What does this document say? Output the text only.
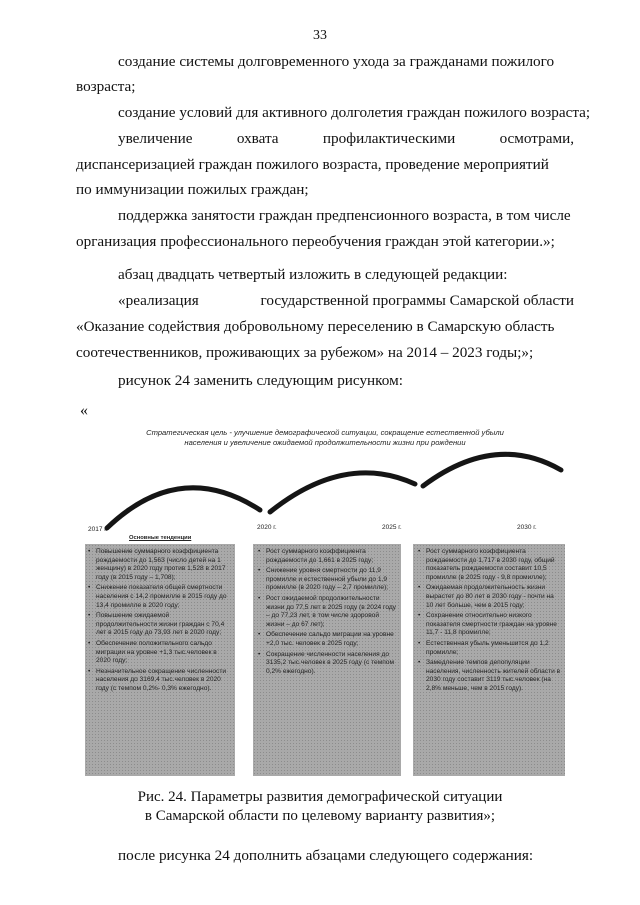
33
создание системы долговременного ухода за гражданами пожилого
возраста;
создание условий для активного долголетия граждан пожилого возраста;
увеличение	охвата	профилактическими	осмотрами,
диспансеризацией граждан пожилого возраста, проведение мероприятий
по иммунизации пожилых граждан;
поддержка занятости граждан предпенсионного возраста, в том числе
организация профессионального переобучения граждан этой категории.»;
абзац двадцать четвертый изложить в следующей редакции:
«реализация	государственной программы Самарской области
«Оказание содействия добровольному переселению в Самарскую область
соотечественников, проживающих за рубежом» на 2014 – 2023 годы;»;
рисунок 24 заменить следующим рисунком:
«
Стратегическая цель - улучшение демографической ситуации, сокращение естественной убыли
населения и увеличение ожидаемой продолжительности жизни при рождении
2017 г.	2020 г.	2025 г.	2030 г.
Основные тенденции
• Повышение суммарного коэффициента рождаемости до 1,563 (число детей на 1 женщину) в 2020 году против 1,528 в 2017 году (в 2015 году – 1,708);
• Снижение показателя общей смертности населения с 14,2 промилле в 2015 году до 13,4 промилле в 2020 году;
• Повышение ожидаемой продолжительности жизни граждан с 70,4 лет в 2015 году до 73,93 лет в 2020 году;
• Обеспечение положительного сальдо миграции на уровне +1,3 тыс.человек в 2020 году;
• Незначительное сокращение численности населения до 3169,4 тыс.человек в 2020 году (с темпом 0,2%- 0,3% ежегодно).
• Рост суммарного коэффициента рождаемости до 1,661 в 2025 году;
• Снижение уровня смертности до 11,9 промилле и естественной убыли до 1,9 промилле (в 2020 году – 2,7 промилле);
• Рост ожидаемой продолжительности жизни до 77,5 лет в 2025 году (в 2024 году – до 77,23 лет, в том числе здоровой жизни – до 67 лет);
• Обеспечение сальдо миграции на уровне +2,0 тыс. человек в 2025 году;
• Сокращение численности населения до 3135,2 тыс.человек в 2025 году (с темпом 0,2% ежегодно).
• Рост суммарного коэффициента рождаемости до 1,717 в 2030 году, общий показатель рождаемости составит 10,5 промилле (в 2025 году - 9,8 промилле);
• Ожидаемая продолжительность жизни вырастет до 80 лет в 2030 году - почти на 10 лет больше, чем в 2015 году;
• Сохранение относительно низкого показателя смертности граждан на уровне 11,7 - 11,8 промилле;
• Естественная убыль уменьшится до 1,2 промилле;
• Замедление темпов депопуляции населения, численность жителей области в 2030 году составит 3119 тыс.человек (на 2,8% меньше, чем в 2015 году).
Рис. 24. Параметры развития демографической ситуации
в Самарской области по целевому варианту развития»;
после рисунка 24 дополнить абзацами следующего содержания:
